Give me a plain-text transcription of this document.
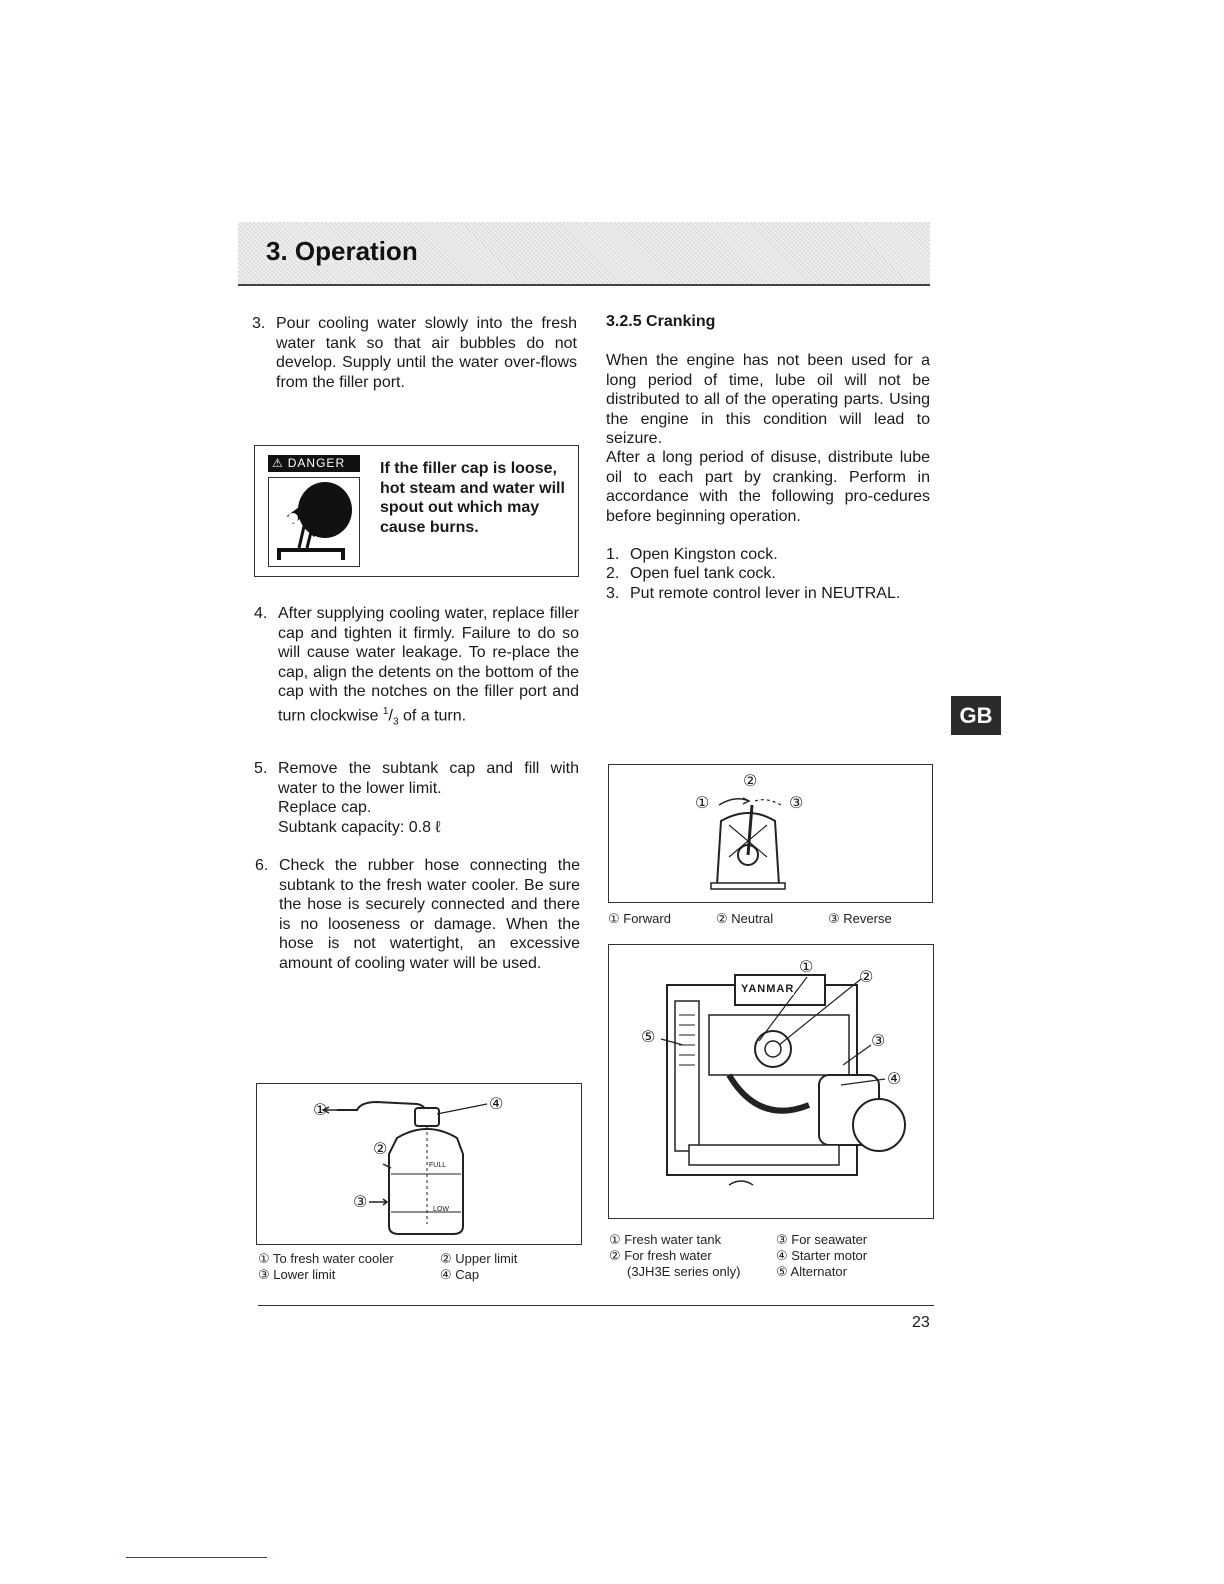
3. Operation
3. Pour cooling water slowly into the fresh water tank so that air bubbles do not develop. Supply until the water over-flows from the filler port.
⚠ DANGER	If the filler cap is loose, hot steam and water will spout out which may cause burns.
4. After supplying cooling water, replace filler cap and tighten it firmly. Failure to do so will cause water leakage. To re-place the cap, align the detents on the bottom of the cap with the notches on the filler port and turn clockwise $^1/_3$ of a turn.
5. Remove the subtank cap and fill with water to the lower limit.
Replace cap.
Subtank capacity: 0.8 ℓ
6. Check the rubber hose connecting the subtank to the fresh water cooler. Be sure the hose is securely connected and there is no looseness or damage. When the hose is not watertight, an excessive amount of cooling water will be used.
①
②
③
④
FULL
LOW
① To fresh water cooler	② Upper limit
③ Lower limit	④ Cap
3.2.5 Cranking
When the engine has not been used for a long period of time, lube oil will not be distributed to all of the operating parts. Using the engine in this condition will lead to seizure.
After a long period of disuse, distribute lube oil to each part by cranking. Perform in accordance with the following pro-cedures before beginning operation.
1. Open Kingston cock.
2. Open fuel tank cock.
3. Put remote control lever in NEUTRAL.
②
①	③
① Forward	② Neutral	③ Reverse
YANMAR
①
②
③
④
⑤
① Fresh water tank
② For fresh water
(3JH3E series only)
③ For seawater
④ Starter motor
⑤ Alternator
GB
23
